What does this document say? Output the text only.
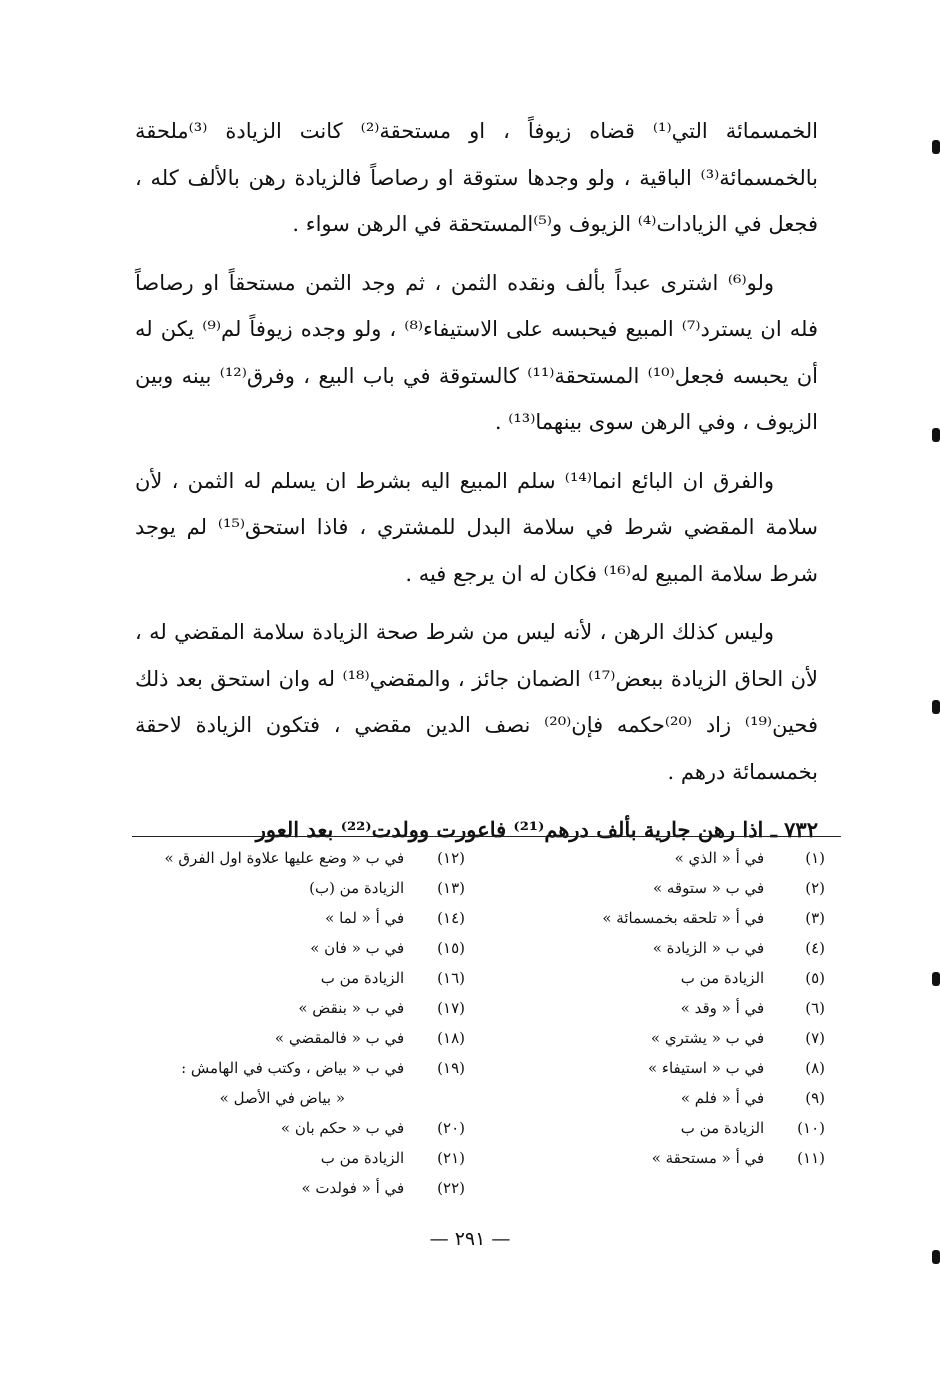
الخمسمائة التي⁽¹⁾ قضاه زيوفاً ، او مستحقة⁽²⁾ كانت الزيادة ⁽³⁾ملحقة بالخمسمائة⁽³⁾ الباقية ، ولو وجدها ستوقة او رصاصاً فالزيادة رهن بالألف كله ، فجعل في الزيادات⁽⁴⁾ الزيوف و⁽⁵⁾المستحقة في الرهن سواء .

ولو⁽⁶⁾ اشترى عبداً بألف ونقده الثمن ، ثم وجد الثمن مستحقاً او رصاصاً فله ان يسترد⁽⁷⁾ المبيع فيحبسه على الاستيفاء⁽⁸⁾ ، ولو وجده زيوفاً لم⁽⁹⁾ يكن له أن يحبسه فجعل⁽¹⁰⁾ المستحقة⁽¹¹⁾ كالستوقة في باب البيع ، وفرق⁽¹²⁾ بينه وبين الزيوف ، وفي الرهن سوى بينهما⁽¹³⁾ .

والفرق ان البائع انما⁽¹⁴⁾ سلم المبيع اليه بشرط ان يسلم له الثمن ، لأن سلامة المقضي شرط في سلامة البدل للمشتري ، فاذا استحق⁽¹⁵⁾ لم يوجد شرط سلامة المبيع له⁽¹⁶⁾ فكان له ان يرجع فيه .

وليس كذلك الرهن ، لأنه ليس من شرط صحة الزيادة سلامة المقضي له ، لأن الحاق الزيادة ببعض⁽¹⁷⁾ الضمان جائز ، والمقضي⁽¹⁸⁾ له وان استحق بعد ذلك فحين⁽¹⁹⁾ زاد ⁽²⁰⁾حكمه فإن⁽²⁰⁾ نصف الدين مقضي ، فتكون الزيادة لاحقة بخمسمائة درهم .

٧٣٢ ـ اذا رهن جارية بألف درهم⁽²¹⁾ فاعورت وولدت⁽²²⁾ بعد العور

(١) في أ « الذي »
(٢) في ب « ستوقه »
(٣) في أ « تلحقه بخمسمائة »
(٤) في ب « الزيادة »
(٥) الزيادة من ب
(٦) في أ « وقد »
(٧) في ب « يشتري »
(٨) في ب « استيفاء »
(٩) في أ « فلم »
(١٠) الزيادة من ب
(١١) في أ « مستحقة »
(١٢) في ب « وضع عليها علاوة اول الفرق »
(١٣) الزيادة من (ب)
(١٤) في أ « لما »
(١٥) في ب « فان »
(١٦) الزيادة من ب
(١٧) في ب « بنقض »
(١٨) في ب « فالمقضي »
(١٩) في ب « بياض ، وكتب في الهامش :
« بياض في الأصل »
(٢٠) في ب « حكم بان »
(٢١) الزيادة من ب
(٢٢) في أ « فولدت »
— ٢٩١ —
